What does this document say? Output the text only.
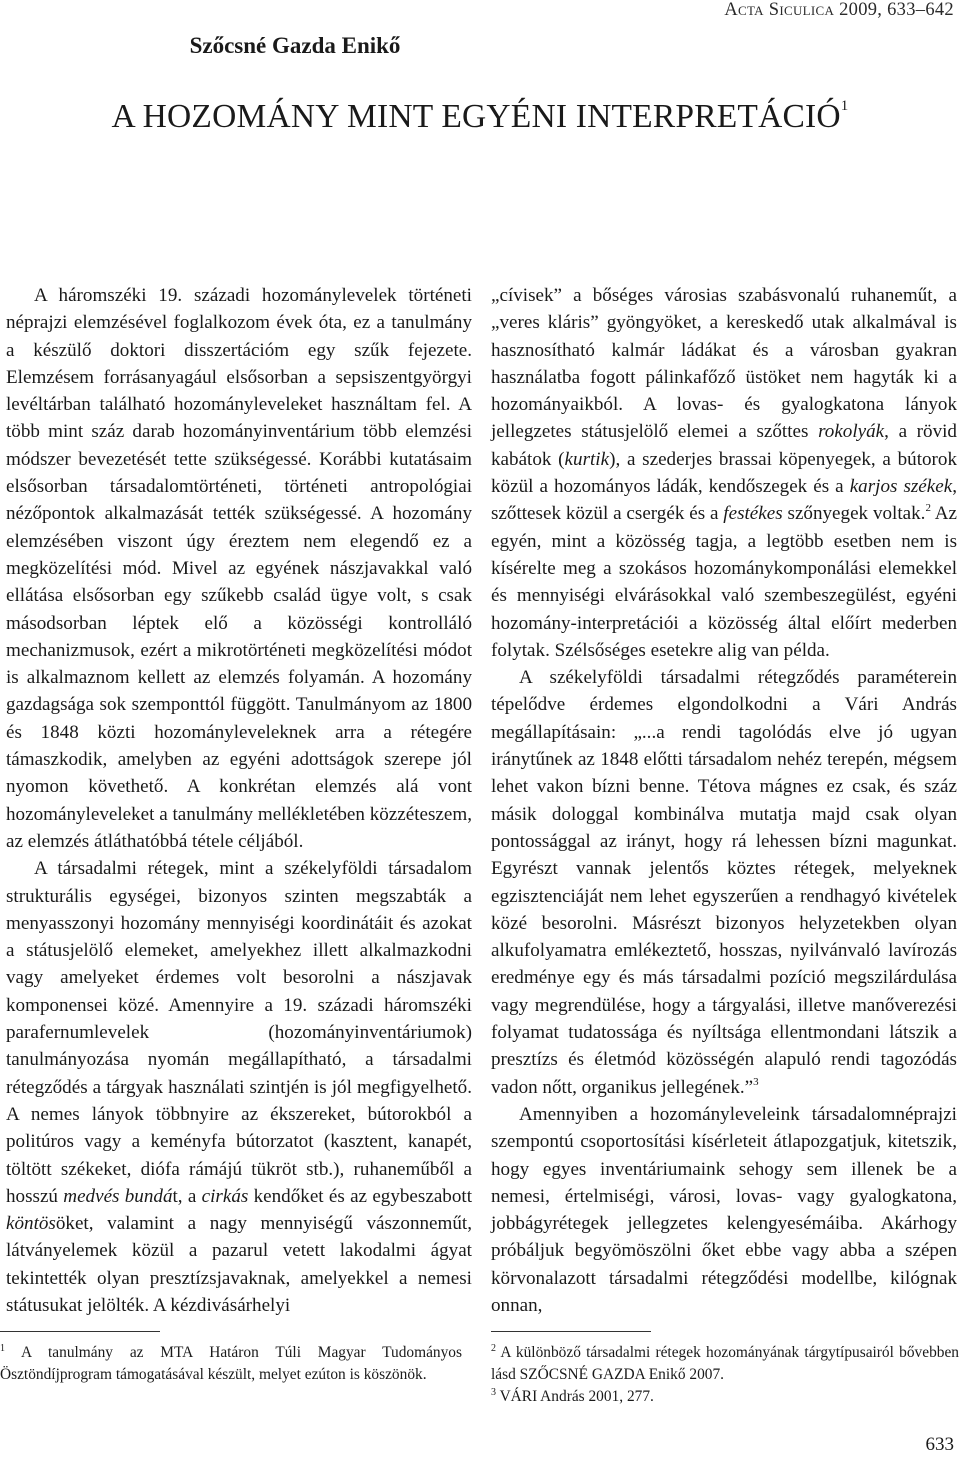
Acta Siculica 2009, 633–642
Szőcsné Gazda Enikő
A HOZOMÁNY MINT EGYÉNI INTERPRETÁCIÓ$^1$

A háromszéki 19. századi hozománylevelek történeti néprajzi elemzésével foglalkozom évek óta, ez a tanulmány a készülő doktori disszertációm egy szűk fejezete. Elemzésem forrásanyagául elsősorban a sepsiszentgyörgyi levéltárban található hozományleveleket használtam fel. A több mint száz darab hozományinventárium több elemzési módszer bevezetését tette szükségessé. Korábbi kutatásaim elsősorban társadalomtörténeti, történeti antropológiai nézőpontok alkalmazását tették szükségessé. A hozomány elemzésében viszont úgy éreztem nem elegendő ez a megközelítési mód. Mivel az egyének nászjavakkal való ellátása elsősorban egy szűkebb család ügye volt, s csak másodsorban léptek elő a közösségi kontrolláló mechanizmusok, ezért a mikrotörténeti megközelítési módot is alkalmaznom kellett az elemzés folyamán. A hozomány gazdagsága sok szemponttól függött. Tanulmányom az 1800 és 1848 közti hozományleveleknek arra a rétegére támaszkodik, amelyben az egyéni adottságok szerepe jól nyomon követhető. A konkrétan elemzés alá vont hozományleveleket a tanulmány mellékletében közzéteszem, az elemzés átláthatóbbá tétele céljából.

A társadalmi rétegek, mint a székelyföldi társadalom strukturális egységei, bizonyos szinten megszabták a menyasszonyi hozomány mennyiségi koordinátáit és azokat a státusjelölő elemeket, amelyekhez illett alkalmazkodni vagy amelyeket érdemes volt besorolni a nászjavak komponensei közé. Amennyire a 19. századi háromszéki parafernumlevelek (hozományinventáriumok) tanulmányozása nyomán megállapítható, a társadalmi rétegződés a tárgyak használati szintjén is jól megfigyelhető. A nemes lányok többnyire az ékszereket, bútorokból a politúros vagy a keményfa bútorzatot (kasztent, kanapét, töltött székeket, diófa rámájú tükröt stb.), ruhaneműből a hosszú medvés bundát, a cirkás kendőket és az egybeszabott köntösöket, valamint a nagy mennyiségű vászonneműt, látványelemek közül a pazarul vetett lakodalmi ágyat tekintették olyan presztízsjavaknak, amelyekkel a nemesi státusukat jelölték. A kézdivásárhelyi

„cívisek” a bőséges városias szabásvonalú ruhaneműt, a „veres kláris” gyöngyöket, a kereskedő utak alkalmával is hasznosítható kalmár ládákat és a városban gyakran használatba fogott pálinkafőző üstöket nem hagyták ki a hozományaikból. A lovas- és gyalogkatona lányok jellegzetes státusjelölő elemei a szőttes rokolyák, a rövid kabátok (kurtik), a szederjes brassai köpenyegek, a bútorok közül a hozományos ládák, kendőszegek és a karjos székek, szőttesek közül a csergék és a festékes szőnyegek voltak.$^2$ Az egyén, mint a közösség tagja, a legtöbb esetben nem is kísérelte meg a szokásos hozománykomponálási elemekkel és mennyiségi elvárásokkal való szembeszegülést, egyéni hozomány-interpretációi a közösség által előírt mederben folytak. Szélsőséges esetekre alig van példa.

A székelyföldi társadalmi rétegződés paraméterein tépelődve érdemes elgondolkodni a Vári András megállapításain: „...a rendi tagolódás elve jó ugyan iránytűnek az 1848 előtti társadalom nehéz terepén, mégsem lehet vakon bízni benne. Tétova mágnes ez csak, és száz másik dologgal kombinálva mutatja majd csak olyan pontossággal az irányt, hogy rá lehessen bízni magunkat. Egyrészt vannak jelentős köztes rétegek, melyeknek egzisztenciáját nem lehet egyszerűen a rendhagyó kivételek közé besorolni. Másrészt bizonyos helyzetekben olyan alkufolyamatra emlékeztető, hosszas, nyilvánvaló lavírozás eredménye egy és más társadalmi pozíció megszilárdulása vagy megrendülése, hogy a tárgyalási, illetve manőverezési folyamat tudatossága és nyíltsága ellentmondani látszik a presztízs és életmód közösségén alapuló rendi tagozódás vadon nőtt, organikus jellegének.”$^3$

Amennyiben a hozományleveleink társadalomnéprajzi szempontú csoportosítási kísérleteit átlapozgatjuk, kitetszik, hogy egyes inventáriumaink sehogy sem illenek be a nemesi, értelmiségi, városi, lovas- vagy gyalogkatona, jobbágyrétegek jellegzetes kelengyesémáiba. Akárhogy próbáljuk begyömöszölni őket ebbe vagy abba a szépen körvonalazott társadalmi rétegződési modellbe, kilógnak onnan,

$^1$ A tanulmány az MTA Határon Túli Magyar Tudományos Ösztöndíjprogram támogatásával készült, melyet ezúton is köszönök.

$^2$ A különböző társadalmi rétegek hozományának tárgytípusairól bővebben lásd SZŐCSNÉ GAZDA Enikő 2007.

$^3$ VÁRI András 2001, 277.

633
